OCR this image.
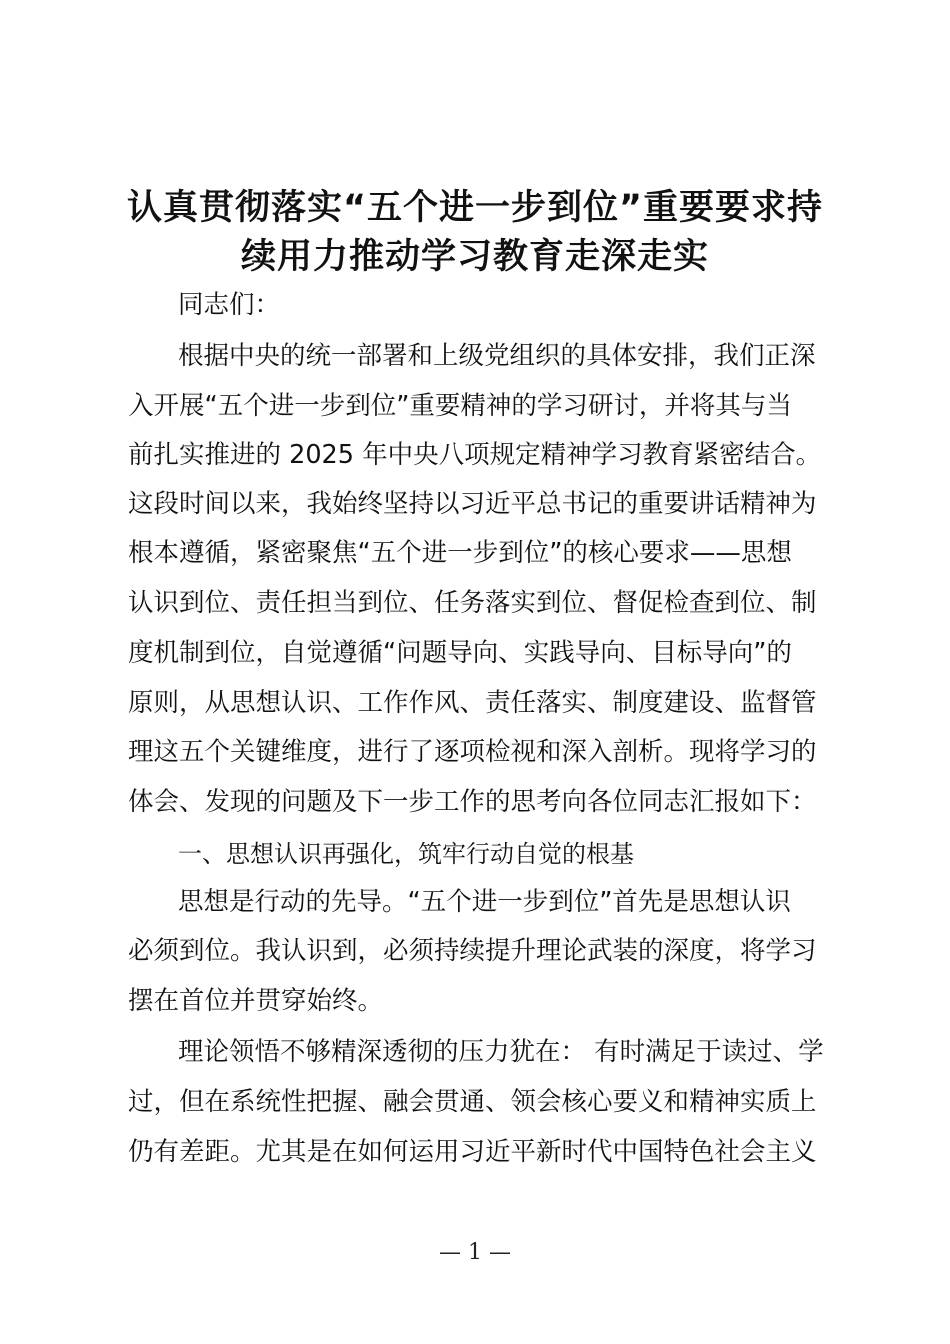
认真贯彻落实“五个进一步到位”重要要求持
续用力推动学习教育走深走实

同志们：

根据中央的统一部署和上级党组织的具体安排，我们正深

入开展“五个进一步到位”重要精神的学习研讨，并将其与当

前扎实推进的 2025 年中央八项规定精神学习教育紧密结合。

这段时间以来，我始终坚持以习近平总书记的重要讲话精神为

根本遵循，紧密聚焦“五个进一步到位”的核心要求——思想

认识到位、责任担当到位、任务落实到位、督促检查到位、制

度机制到位，自觉遵循“问题导向、实践导向、目标导向”的

原则，从思想认识、工作作风、责任落实、制度建设、监督管

理这五个关键维度，进行了逐项检视和深入剖析。现将学习的

体会、发现的问题及下一步工作的思考向各位同志汇报如下：

一、思想认识再强化，筑牢行动自觉的根基

思想是行动的先导。“五个进一步到位”首先是思想认识

必须到位。我认识到，必须持续提升理论武装的深度，将学习

摆在首位并贯穿始终。

理论领悟不够精深透彻的压力犹在： 有时满足于读过、学

过，但在系统性把握、融会贯通、领会核心要义和精神实质上

仍有差距。尤其是在如何运用习近平新时代中国特色社会主义

— 1 —
